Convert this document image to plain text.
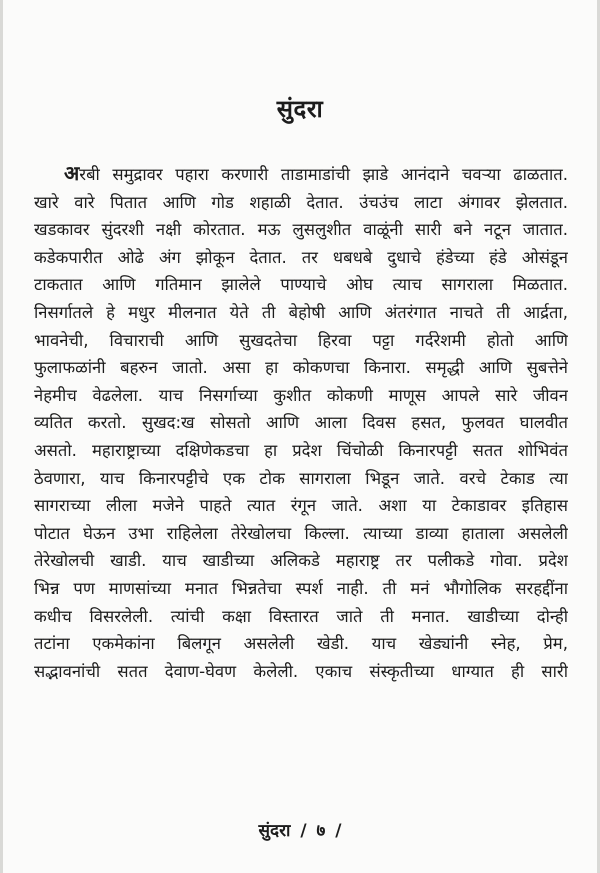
सुंदरा
अरबी समुद्रावर पहारा करणारी ताडामाडांची झाडे आनंदाने चवऱ्या ढाळतात.
खारे वारे पितात आणि गोड शहाळी देतात. उंचउंच लाटा अंगावर झेलतात.
खडकावर सुंदरशी नक्षी कोरतात. मऊ लुसलुशीत वाळूंनी सारी बने नटून जातात.
कडेकपारीत ओढे अंग झोकून देतात. तर धबधबे दुधाचे हंडेच्या हंडे ओसंडून
टाकतात आणि गतिमान झालेले पाण्याचे ओघ त्याच सागराला मिळतात.
निसर्गातले हे मधुर मीलनात येते ती बेहोषी आणि अंतरंगात नाचते ती आर्द्रता,
भावनेची, विचाराची आणि सुखदतेचा हिरवा पट्टा गर्दरेशमी होतो आणि
फुलाफळांनी बहरुन जातो. असा हा कोकणचा किनारा. समृद्धी आणि सुबत्तेने
नेहमीच वेढलेला. याच निसर्गाच्या कुशीत कोकणी माणूस आपले सारे जीवन
व्यतित करतो. सुखद:ख सोसतो आणि आला दिवस हसत, फुलवत घालवीत
असतो. महाराष्ट्राच्या दक्षिणेकडचा हा प्रदेश चिंचोळी किनारपट्टी सतत शोभिवंत
ठेवणारा, याच किनारपट्टीचे एक टोक सागराला भिडून जाते. वरचे टेकाड त्या
सागराच्या लीला मजेने पाहते त्यात रंगून जाते. अशा या टेकाडावर इतिहास
पोटात घेऊन उभा राहिलेला तेरेखोलचा किल्ला. त्याच्या डाव्या हाताला असलेली
तेरेखोलची खाडी. याच खाडीच्या अलिकडे महाराष्ट्र तर पलीकडे गोवा. प्रदेश
भिन्न पण माणसांच्या मनात भिन्नतेचा स्पर्श नाही. ती मनं भौगोलिक सरहद्दींना
कधीच विसरलेली. त्यांची कक्षा विस्तारत जाते ती मनात. खाडीच्या दोन्ही
तटांना एकमेकांना बिलगून असलेली खेडी. याच खेड्यांनी स्नेह, प्रेम,
सद्भावनांची सतत देवाण-घेवण केलेली. एकाच संस्कृतीच्या धाग्यात ही सारी
सुंदरा / ७ /
